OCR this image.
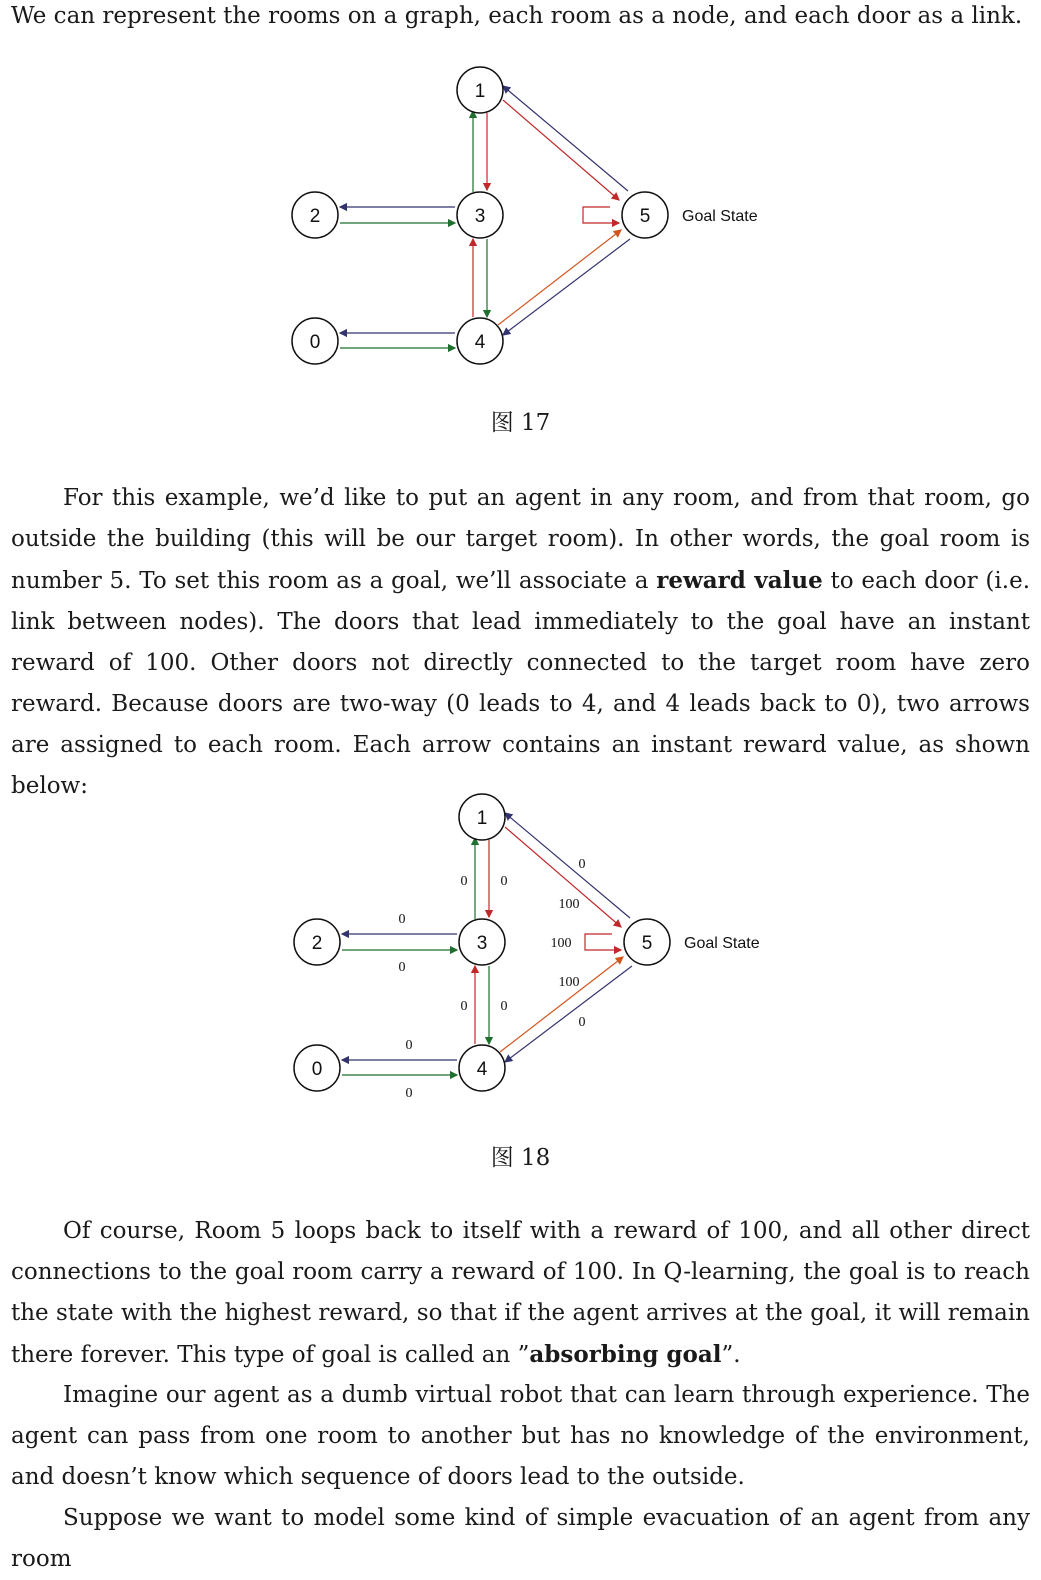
We can represent the rooms on a graph, each room as a node, and each door as a link.

1
2	3	5
0	4
Goal State
图 17

For this example, we’d like to put an agent in any room, and from that room, go outside the building (this will be our target room). In other words, the goal room is number 5. To set this room as a goal, we’ll associate a reward value to each door (i.e. link between nodes). The doors that lead immediately to the goal have an instant reward of 100. Other doors not directly connected to the target room have zero reward. Because doors are two-way (0 leads to 4, and 4 leads back to 0), two arrows are assigned to each room. Each arrow contains an instant reward value, as shown below:

1
2	3	5
0	4
Goal State
0 0
0
100
0
100
0
100
0 0
0
0
0
图 18

Of course, Room 5 loops back to itself with a reward of 100, and all other direct connections to the goal room carry a reward of 100. In Q-learning, the goal is to reach the state with the highest reward, so that if the agent arrives at the goal, it will remain there forever. This type of goal is called an ”absorbing goal”.

Imagine our agent as a dumb virtual robot that can learn through experience. The agent can pass from one room to another but has no knowledge of the environment, and doesn’t know which sequence of doors lead to the outside.

Suppose we want to model some kind of simple evacuation of an agent from any room
